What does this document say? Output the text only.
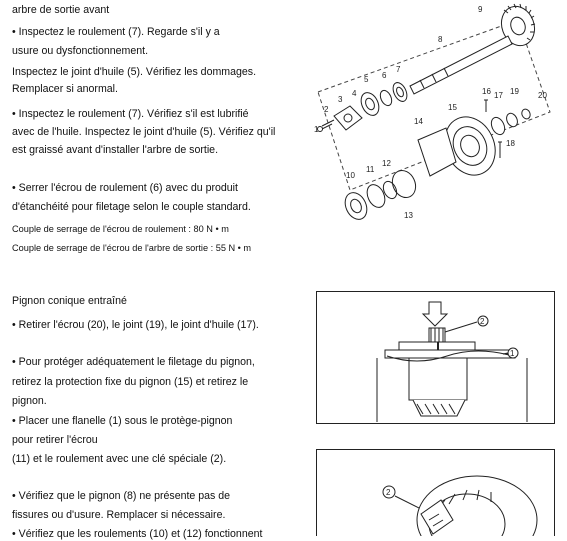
arbre de sortie avant

• Inspectez le roulement (7). Regarde s'il y a

usure ou dysfonctionnement.

Inspectez le joint d'huile (5). Vérifiez les dommages.

Remplacer si anormal.

• Inspectez le roulement (7). Vérifiez s'il est lubrifié

avec de l'huile. Inspectez le joint d'huile (5). Vérifiez qu'il

est graissé avant d'installer l'arbre de sortie.

• Serrer l'écrou de roulement (6) avec du produit

d'étanchéité pour filetage selon le couple standard.

Couple de serrage de l'écrou de roulement : 80 N • m

Couple de serrage de l'écrou de l'arbre de sortie : 55 N • m

Pignon conique entraîné

• Retirer l'écrou (20), le joint (19), le joint d'huile (17).

• Pour protéger adéquatement le filetage du pignon,

retirez la protection fixe du pignon (15) et retirez le

pignon.

• Placer une flanelle (1) sous le protège-pignon

pour retirer l'écrou

(11) et le roulement avec une clé spéciale (2).

• Vérifiez que le pignon (8) ne présente pas de

fissures ou d'usure. Remplacer si nécessaire.

• Vérifiez que les roulements (10) et (12) fonctionnent

9
8
7
6
5
4
3
2
1
14
15
16 17
18
19 20
13
12
11
10
2
1
2
